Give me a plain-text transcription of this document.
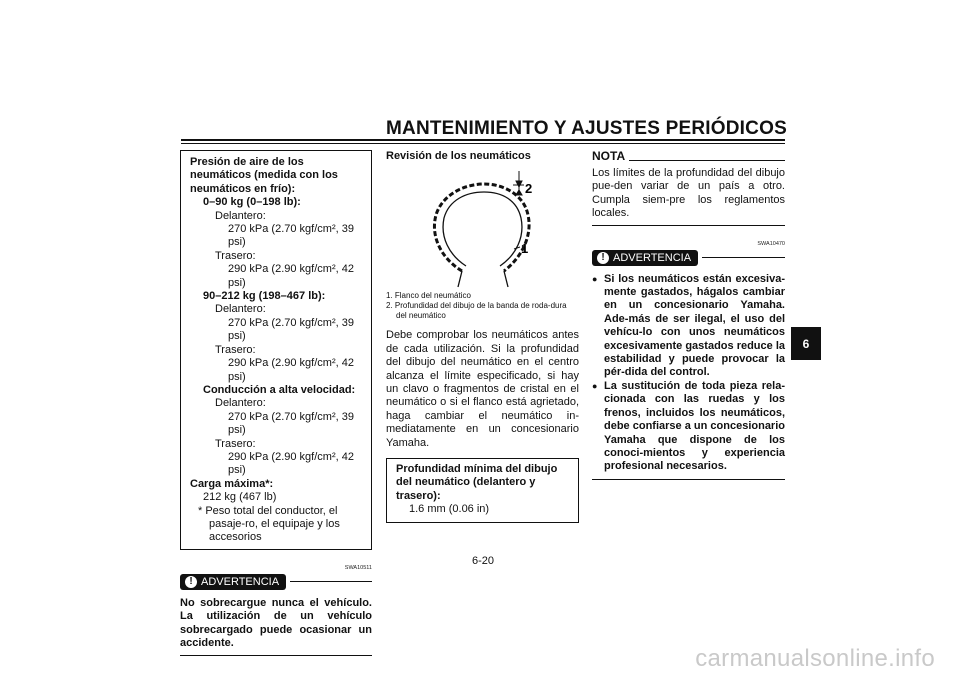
MANTENIMIENTO Y AJUSTES PERIÓDICOS
Presión de aire de los neumáticos (medida con los neumáticos en frío):
0–90 kg (0–198 lb):
Delantero:
270 kPa (2.70 kgf/cm², 39 psi)
Trasero:
290 kPa (2.90 kgf/cm², 42 psi)
90–212 kg (198–467 lb):
Delantero:
270 kPa (2.70 kgf/cm², 39 psi)
Trasero:
290 kPa (2.90 kgf/cm², 42 psi)
Conducción a alta velocidad:
Delantero:
270 kPa (2.70 kgf/cm², 39 psi)
Trasero:
290 kPa (2.90 kgf/cm², 42 psi)
Carga máxima*:
212 kg (467 lb)
* Peso total del conductor, el pasaje-ro, el equipaje y los accesorios
SWA10511
! ADVERTENCIA
No sobrecargue nunca el vehículo. La utilización de un vehículo sobrecargado puede ocasionar un accidente.
Revisión de los neumáticos
2
1
1. Flanco del neumático
2. Profundidad del dibujo de la banda de roda-dura del neumático
Debe comprobar los neumáticos antes de cada utilización. Si la profundidad del dibujo del neumático en el centro alcanza el límite especificado, si hay un clavo o fragmentos de cristal en el neumático o si el flanco está agrietado, haga cambiar el neumático in-mediatamente en un concesionario Yamaha.
Profundidad mínima del dibujo del neumático (delantero y trasero):
1.6 mm (0.06 in)
NOTA
Los límites de la profundidad del dibujo pue-den variar de un país a otro. Cumpla siem-pre los reglamentos locales.
SWA10470
! ADVERTENCIA
● Si los neumáticos están excesiva-mente gastados, hágalos cambiar en un concesionario Yamaha. Ade-más de ser ilegal, el uso del vehícu-lo con unos neumáticos excesivamente gastados reduce la estabilidad y puede provocar la pér-dida del control.
● La sustitución de toda pieza rela-cionada con las ruedas y los frenos, incluidos los neumáticos, debe confiarse a un concesionario Yamaha que dispone de los conoci-mientos y experiencia profesional necesarios.
6
6-20
carmanualsonline.info
